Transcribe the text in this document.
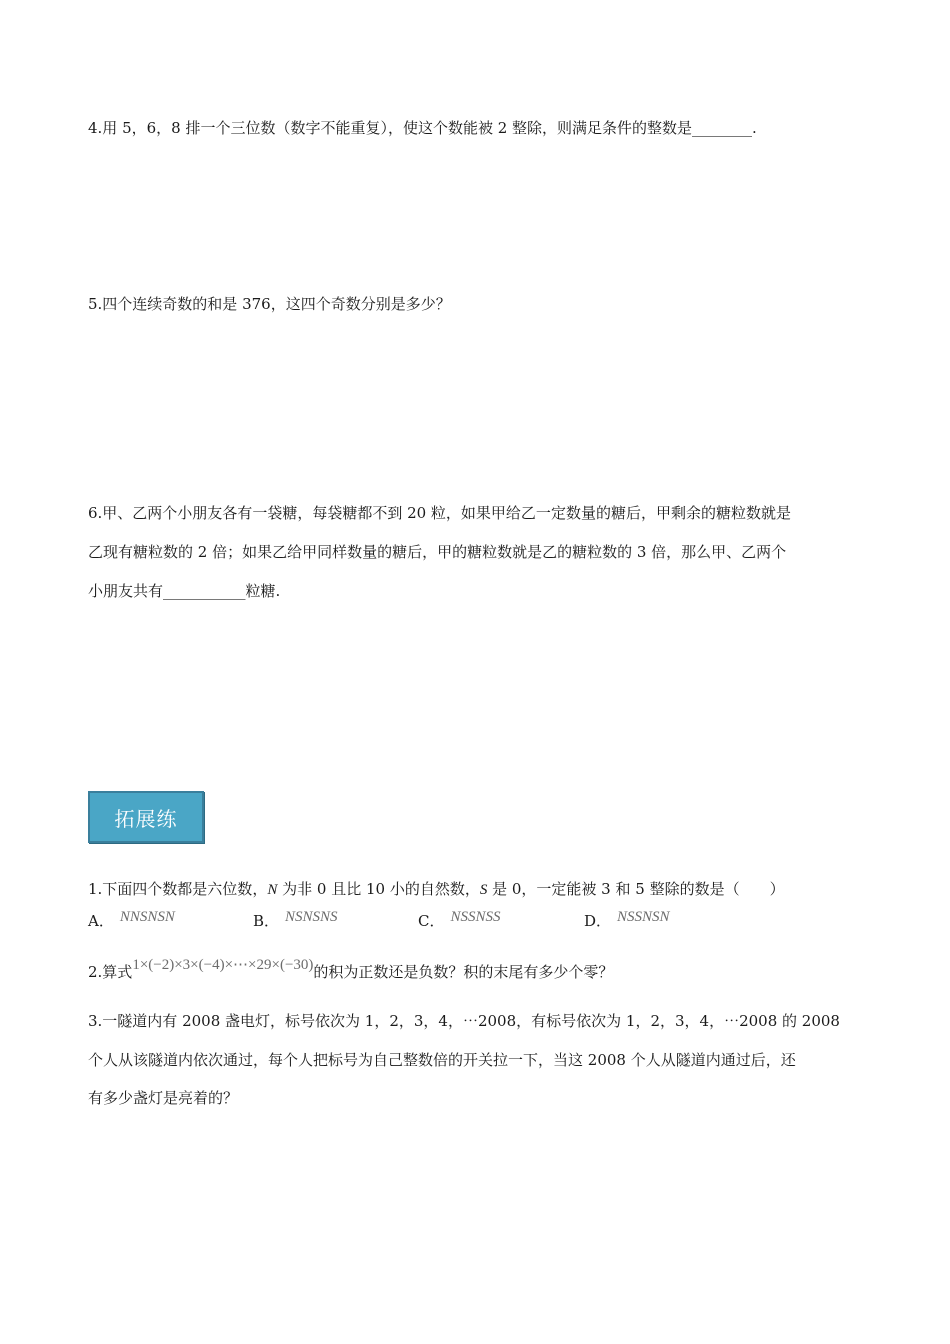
4.用 5，6，8 排一个三位数（数字不能重复），使这个数能被 2 整除，则满足条件的整数是________.
5.四个连续奇数的和是 376，这四个奇数分别是多少？
6.甲、乙两个小朋友各有一袋糖，每袋糖都不到 20 粒，如果甲给乙一定数量的糖后，甲剩余的糖粒数就是
乙现有糖粒数的 2 倍；如果乙给甲同样数量的糖后，甲的糖粒数就是乙的糖粒数的 3 倍，那么甲、乙两个
小朋友共有___________粒糖.
拓展练
1.下面四个数都是六位数，N 为非 0 且比 10 小的自然数，S 是 0，一定能被 3 和 5 整除的数是（　　）
A． NNSNSN	B． NSNSNS	C． NSSNSS	D． NSSNSN
2.算式1×(−2)×3×(−4)×⋯×29×(−30)的积为正数还是负数？积的末尾有多少个零？
3.一隧道内有 2008 盏电灯，标号依次为 1，2，3，4，⋯2008，有标号依次为 1，2，3，4，⋯2008 的 2008
个人从该隧道内依次通过，每个人把标号为自己整数倍的开关拉一下，当这 2008 个人从隧道内通过后，还
有多少盏灯是亮着的？
